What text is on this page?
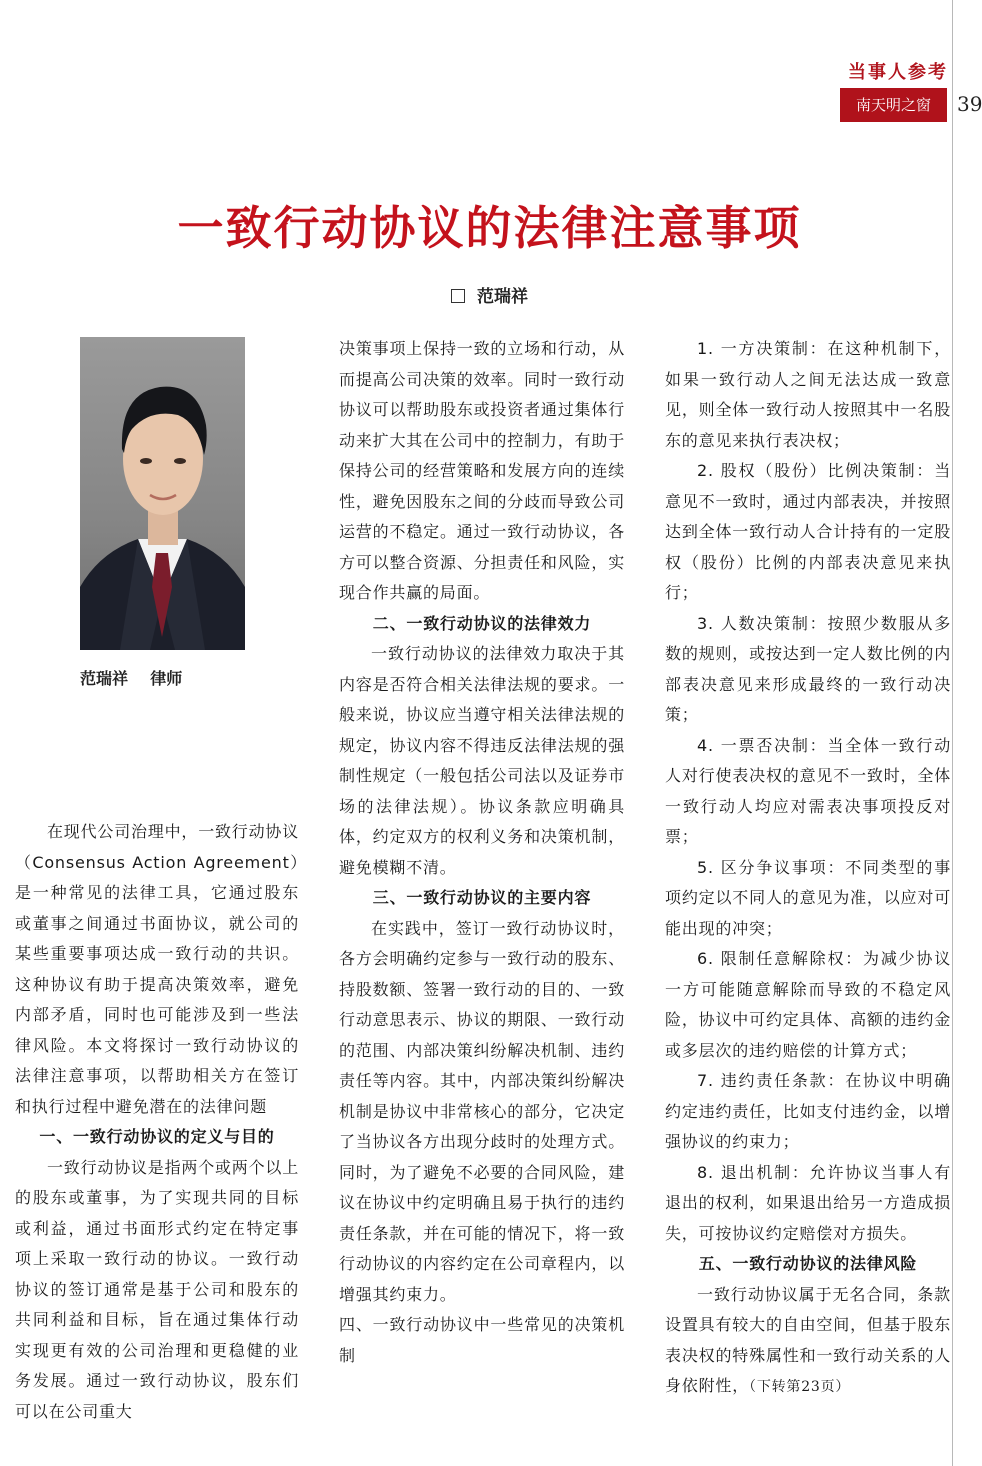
当事人参考
南天明之窗	39
一致行动协议的法律注意事项
范瑞祥
范瑞祥    律师

在现代公司治理中，一致行动协议（Consensus Action Agreement）是一种常见的法律工具，它通过股东或董事之间通过书面协议，就公司的某些重要事项达成一致行动的共识。这种协议有助于提高决策效率，避免内部矛盾，同时也可能涉及到一些法律风险。本文将探讨一致行动协议的法律注意事项，以帮助相关方在签订和执行过程中避免潜在的法律问题

一、一致行动协议的定义与目的

一致行动协议是指两个或两个以上的股东或董事，为了实现共同的目标或利益，通过书面形式约定在特定事项上采取一致行动的协议。一致行动协议的签订通常是基于公司和股东的共同利益和目标，旨在通过集体行动实现更有效的公司治理和更稳健的业务发展。通过一致行动协议，股东们可以在公司重大

决策事项上保持一致的立场和行动，从而提高公司决策的效率。同时一致行动协议可以帮助股东或投资者通过集体行动来扩大其在公司中的控制力，有助于保持公司的经营策略和发展方向的连续性，避免因股东之间的分歧而导致公司运营的不稳定。通过一致行动协议，各方可以整合资源、分担责任和风险，实现合作共赢的局面。

二、一致行动协议的法律效力

一致行动协议的法律效力取决于其内容是否符合相关法律法规的要求。一般来说，协议应当遵守相关法律法规的规定，协议内容不得违反法律法规的强制性规定（一般包括公司法以及证券市场的法律法规）。协议条款应明确具体，约定双方的权利义务和决策机制，避免模糊不清。

三、一致行动协议的主要内容

在实践中，签订一致行动协议时，各方会明确约定参与一致行动的股东、持股数额、签署一致行动的目的、一致行动意思表示、协议的期限、一致行动的范围、内部决策纠纷解决机制、违约责任等内容。其中，内部决策纠纷解决机制是协议中非常核心的部分，它决定了当协议各方出现分歧时的处理方式。同时，为了避免不必要的合同风险，建议在协议中约定明确且易于执行的违约责任条款，并在可能的情况下，将一致行动协议的内容约定在公司章程内，以增强其约束力。

四、一致行动协议中一些常见的决策机制

1. 一方决策制：在这种机制下，如果一致行动人之间无法达成一致意见，则全体一致行动人按照其中一名股东的意见来执行表决权；

2. 股权（股份）比例决策制：当意见不一致时，通过内部表决，并按照达到全体一致行动人合计持有的一定股权（股份）比例的内部表决意见来执行；

3. 人数决策制：按照少数服从多数的规则，或按达到一定人数比例的内部表决意见来形成最终的一致行动决策；

4. 一票否决制：当全体一致行动人对行使表决权的意见不一致时，全体一致行动人均应对需表决事项投反对票；

5. 区分争议事项：不同类型的事项约定以不同人的意见为准，以应对可能出现的冲突；

6. 限制任意解除权：为减少协议一方可能随意解除而导致的不稳定风险，协议中可约定具体、高额的违约金或多层次的违约赔偿的计算方式；

7. 违约责任条款：在协议中明确约定违约责任，比如支付违约金，以增强协议的约束力；

8. 退出机制：允许协议当事人有退出的权利，如果退出给另一方造成损失，可按协议约定赔偿对方损失。

五、一致行动协议的法律风险

一致行动协议属于无名合同，条款设置具有较大的自由空间，但基于股东表决权的特殊属性和一致行动关系的人身依附性，（下转第23页）
